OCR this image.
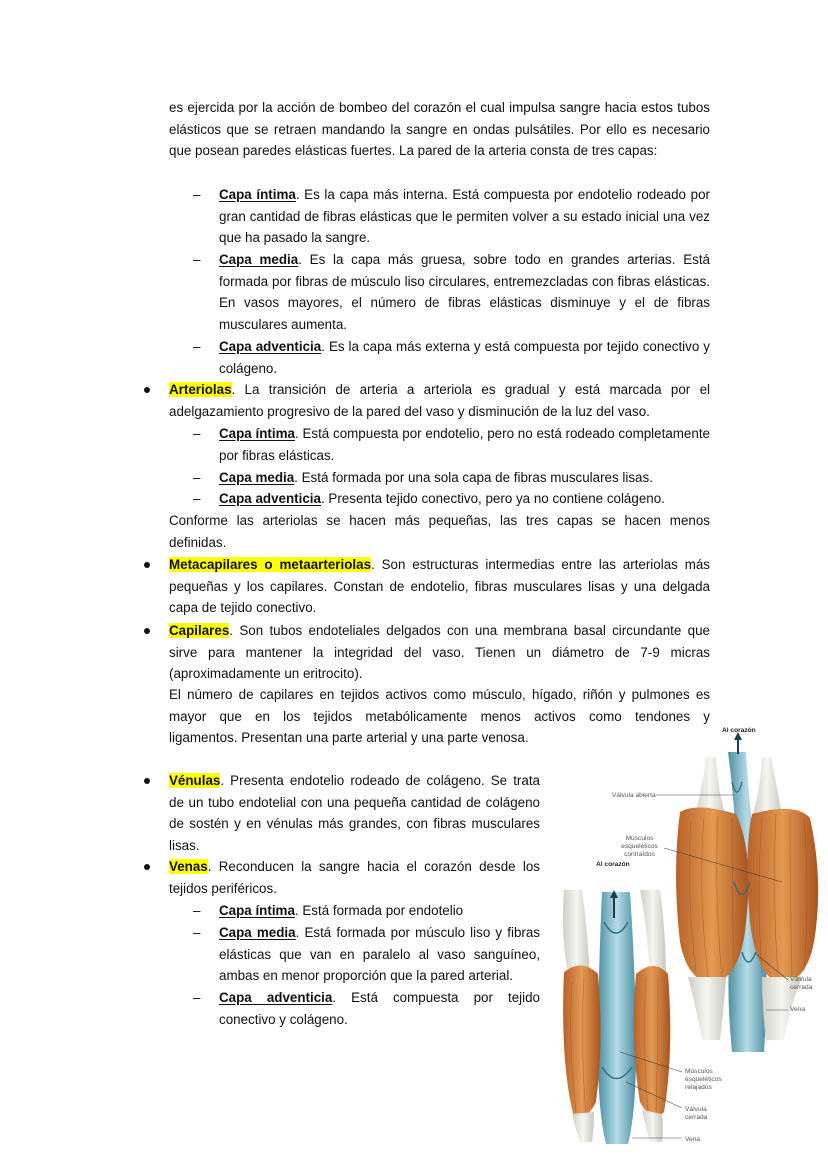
es ejercida por la acción de bombeo del corazón el cual impulsa sangre hacia estos tubos elásticos que se retraen mandando la sangre en ondas pulsátiles. Por ello es necesario que posean paredes elásticas fuertes. La pared de la arteria consta de tres capas:

– Capa íntima. Es la capa más interna. Está compuesta por endotelio rodeado por gran cantidad de fibras elásticas que le permiten volver a su estado inicial una vez que ha pasado la sangre.

– Capa media. Es la capa más gruesa, sobre todo en grandes arterias. Está formada por fibras de músculo liso circulares, entremezcladas con fibras elásticas. En vasos mayores, el número de fibras elásticas disminuye y el de fibras musculares aumenta.

– Capa adventicia. Es la capa más externa y está compuesta por tejido conectivo y colágeno.

Arteriolas. La transición de arteria a arteriola es gradual y está marcada por el adelgazamiento progresivo de la pared del vaso y disminución de la luz del vaso.

– Capa íntima. Está compuesta por endotelio, pero no está rodeado completamente por fibras elásticas.

– Capa media. Está formada por una sola capa de fibras musculares lisas.

– Capa adventicia. Presenta tejido conectivo, pero ya no contiene colágeno.

Conforme las arteriolas se hacen más pequeñas, las tres capas se hacen menos definidas.

Metacapilares o metaarteriolas. Son estructuras intermedias entre las arteriolas más pequeñas y los capilares. Constan de endotelio, fibras musculares lisas y una delgada capa de tejido conectivo.

Capilares. Son tubos endoteliales delgados con una membrana basal circundante que sirve para mantener la integridad del vaso. Tienen un diámetro de 7-9 micras (aproximadamente un eritrocito).

El número de capilares en tejidos activos como músculo, hígado, riñón y pulmones es mayor que en los tejidos metabólicamente menos activos como tendones y

ligamentos. Presentan una parte arterial y una parte venosa.

Vénulas. Presenta endotelio rodeado de colágeno. Se trata de un tubo endotelial con una pequeña cantidad de colágeno de sostén y en vénulas más grandes, con fibras musculares lisas.

Venas. Reconducen la sangre hacia el corazón desde los tejidos periféricos.

– Capa íntima. Está formada por endotelio

– Capa media. Está formada por músculo liso y fibras elásticas que van en paralelo al vaso sanguíneo, ambas en menor proporción que la pared arterial.

– Capa adventicia. Está compuesta por tejido conectivo y colágeno.

Al corazón
Válvula abierta
Músculos esqueléticos contraídos
Al corazón
Válvula cerrada
Vena
Músculos esqueléticos relajados
Válvula cerrada
Vena
